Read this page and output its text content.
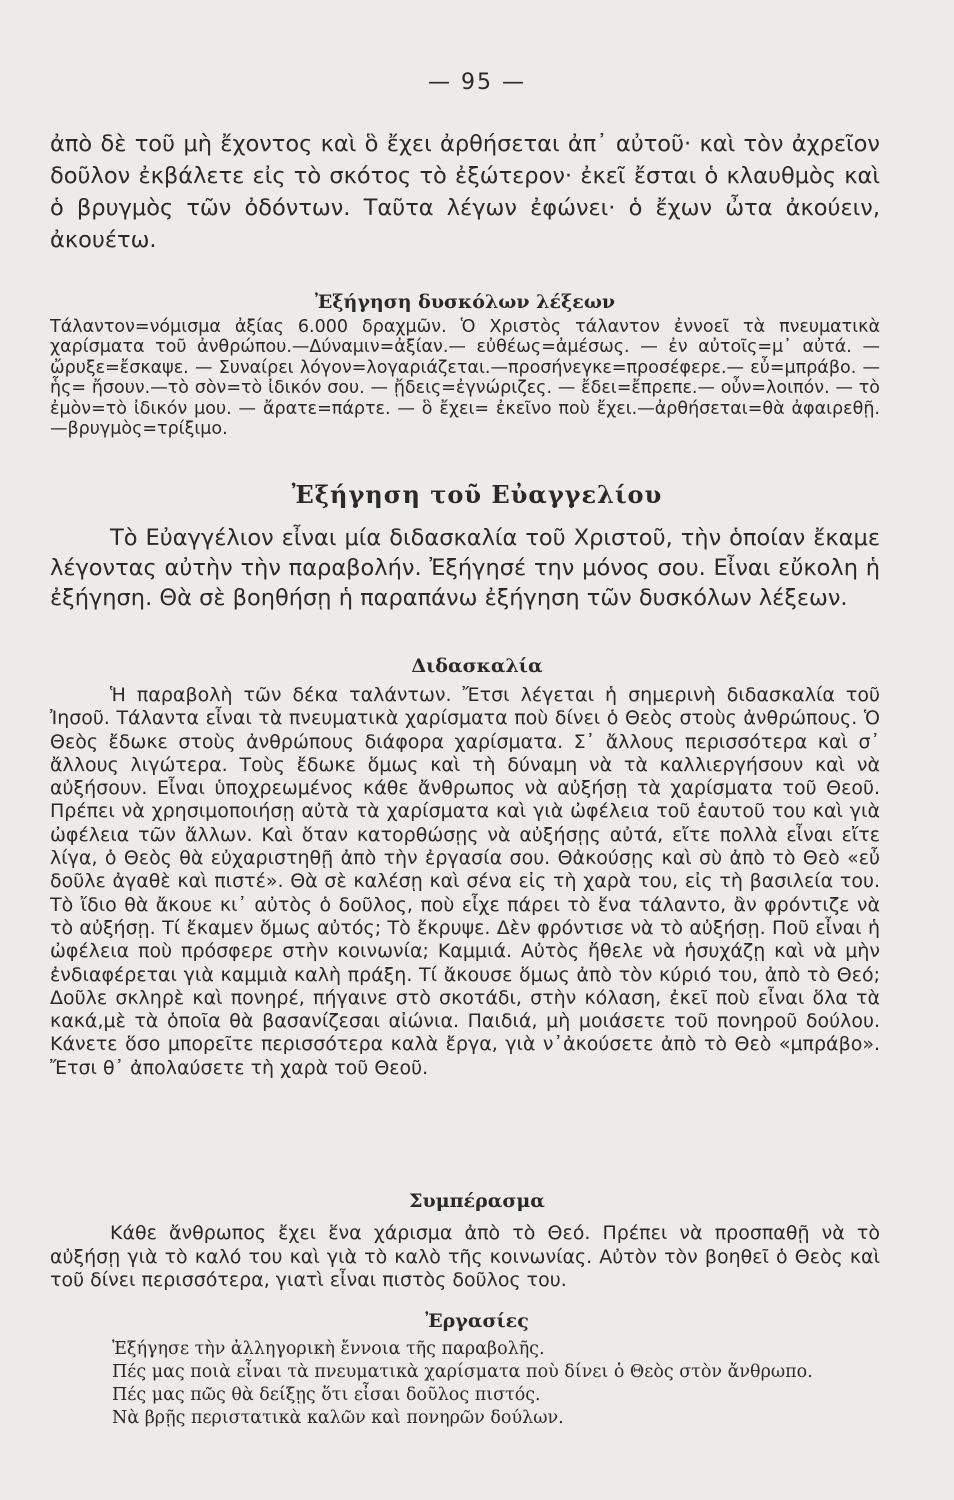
— 95 —

ἀπὸ δὲ τοῦ μὴ ἔχοντος καὶ ὃ ἔχει ἀρθήσεται ἀπ᾿ αὐτοῦ· καὶ τὸν ἀχρεῖον δοῦλον ἐκβάλετε εἰς τὸ σκότος τὸ ἐξώτερον· ἐκεῖ ἔσται ὁ κλαυθμὸς καὶ ὁ βρυγμὸς τῶν ὀδόντων. Ταῦτα λέγων ἐφώνει· ὁ ἔχων ὦτα ἀκούειν, ἀκουέτω.

Ἐξήγηση δυσκόλων λέξεων

Τάλαντον=νόμισμα ἀξίας 6.000 δραχμῶν. Ὁ Χριστὸς τάλαντον ἐννοεῖ τὰ πνευματικὰ χαρίσματα τοῦ ἀνθρώπου.—Δύναμιν=ἀξίαν.— εὐθέως=ἀμέσως. — ἐν αὐτοῖς=μ᾿ αὐτά. — ὤρυξε=ἔσκαψε. — Συναίρει λόγον=λογαριάζεται.—προσήνεγκε=προσέφερε.— εὖ=μπράβο. — ἧς= ἤσουν.—τὸ σὸν=τὸ ἰδικόν σου. — ᾔδεις=ἐγνώριζες. — ἔδει=ἔπρεπε.— οὖν=λοιπόν. — τὸ ἐμὸν=τὸ ἰδικόν μου. — ἄρατε=πάρτε. — ὃ ἔχει= ἐκεῖνο ποὺ ἔχει.—ἀρθήσεται=θὰ ἀφαιρεθῇ.—βρυγμὸς=τρίξιμο.

Ἐξήγηση τοῦ Εὐαγγελίου

Τὸ Εὐαγγέλιον εἶναι μία διδασκαλία τοῦ Χριστοῦ, τὴν ὁποίαν ἔκαμε λέγοντας αὐτὴν τὴν παραβολήν. Ἐξήγησέ την μόνος σου. Εἶναι εὔκολη ἡ ἐξήγηση. Θὰ σὲ βοηθήσῃ ἡ παραπάνω ἐξήγηση τῶν δυσκόλων λέξεων.

Διδασκαλία

Ἡ παραβολὴ τῶν δέκα ταλάντων. Ἔτσι λέγεται ἡ σημερινὴ διδασκαλία τοῦ Ἰησοῦ. Τάλαντα εἶναι τὰ πνευματικὰ χαρίσματα ποὺ δίνει ὁ Θεὸς στοὺς ἀνθρώπους. Ὁ Θεὸς ἔδωκε στοὺς ἀνθρώπους διάφορα χαρίσματα. Σ᾿ ἄλλους περισσότερα καὶ σ᾿ ἄλλους λιγώτερα. Τοὺς ἔδωκε ὅμως καὶ τὴ δύναμη νὰ τὰ καλλιεργήσουν καὶ νὰ αὐξήσουν. Εἶναι ὑποχρεωμένος κάθε ἄνθρωπος νὰ αὐξήσῃ τὰ χαρίσματα τοῦ Θεοῦ. Πρέπει νὰ χρησιμοποιήσῃ αὐτὰ τὰ χαρίσματα καὶ γιὰ ὠφέλεια τοῦ ἑαυτοῦ του καὶ γιὰ ὠφέλεια τῶν ἄλλων. Καὶ ὅταν κατορθώσῃς νὰ αὐξήσῃς αὐτά, εἴτε πολλὰ εἶναι εἴτε λίγα, ὁ Θεὸς θὰ εὐχαριστηθῇ ἀπὸ τὴν ἐργασία σου. Θἀκούσῃς καὶ σὺ ἀπὸ τὸ Θεὸ «εὖ δοῦλε ἀγαθὲ καὶ πιστέ». Θὰ σὲ καλέσῃ καὶ σένα εἰς τὴ χαρὰ του, εἰς τὴ βασιλεία του. Τὸ ἴδιο θὰ ἄκουε κι᾿ αὐτὸς ὁ δοῦλος, ποὺ εἶχε πάρει τὸ ἕνα τάλαντο, ἂν φρόντιζε νὰ τὸ αὐξήσῃ. Τί ἔκαμεν ὅμως αὐτός; Τὸ ἔκρυψε. Δὲν φρόντισε νὰ τὸ αὐξήσῃ. Ποῦ εἶναι ἡ ὠφέλεια ποὺ πρόσφερε στὴν κοινωνία; Καμμιά. Αὐτὸς ἤθελε νὰ ἡσυχάζῃ καὶ νὰ μὴν ἐνδιαφέρεται γιὰ καμμιὰ καλὴ πράξη. Τί ἄκουσε ὅμως ἀπὸ τὸν κύριό του, ἀπὸ τὸ Θεό; Δοῦλε σκληρὲ καὶ πονηρέ, πήγαινε στὸ σκοτάδι, στὴν κόλαση, ἐκεῖ ποὺ εἶναι ὅλα τὰ κακά,μὲ τὰ ὁποῖα θὰ βασανίζεσαι αἰώνια. Παιδιά, μὴ μοιάσετε τοῦ πονηροῦ δούλου. Κάνετε ὅσο μπορεῖτε περισσότερα καλὰ ἔργα, γιὰ ν᾿ἀκούσετε ἀπὸ τὸ Θεὸ «μπράβο». Ἔτσι θ᾿ ἀπολαύσετε τὴ χαρὰ τοῦ Θεοῦ.

Συμπέρασμα

Κάθε ἄνθρωπος ἔχει ἕνα χάρισμα ἀπὸ τὸ Θεό. Πρέπει νὰ προσπαθῇ νὰ τὸ αὐξήσῃ γιὰ τὸ καλό του καὶ γιὰ τὸ καλὸ τῆς κοινωνίας. Αὐτὸν τὸν βοηθεῖ ὁ Θεὸς καὶ τοῦ δίνει περισσότερα, γιατὶ εἶναι πιστὸς δοῦλος του.

Ἐργασίες

Ἐξήγησε τὴν ἀλληγορικὴ ἔννοια τῆς παραβολῆς.
Πές μας ποιὰ εἶναι τὰ πνευματικὰ χαρίσματα ποὺ δίνει ὁ Θεὸς στὸν ἄνθρωπο.
Πές μας πῶς θὰ δείξῃς ὅτι εἶσαι δοῦλος πιστός.
Νὰ βρῇς περιστατικὰ καλῶν καὶ πονηρῶν δούλων.
